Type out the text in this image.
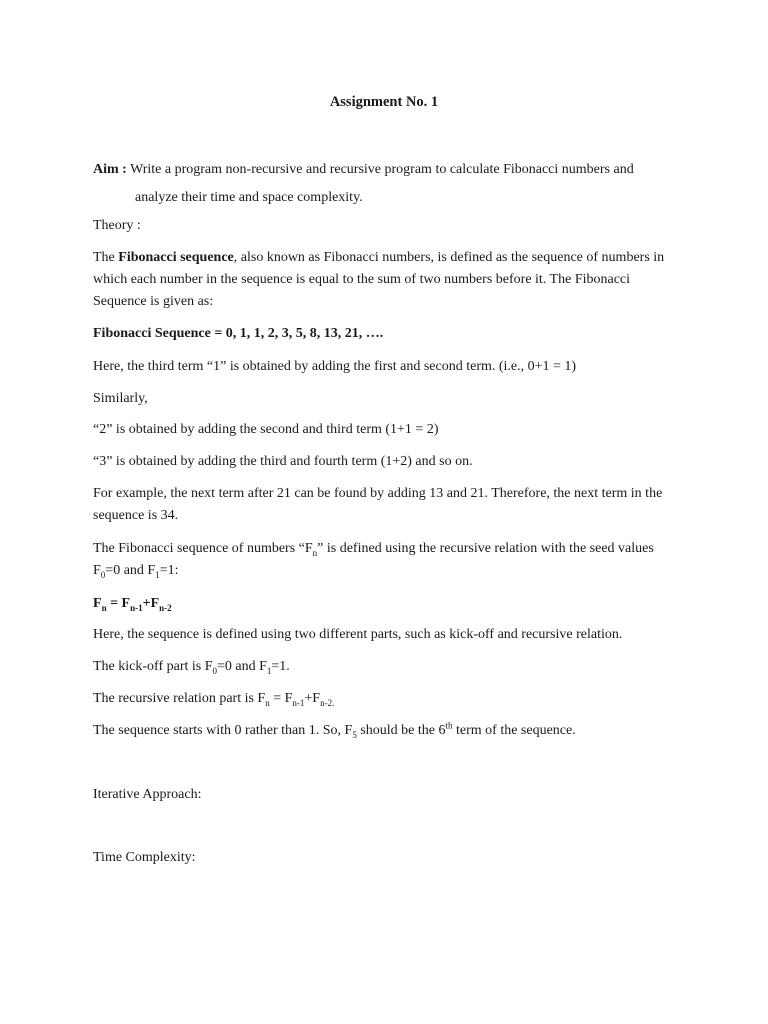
Assignment No. 1
Aim : Write a program non-recursive and recursive program to calculate Fibonacci numbers and
analyze their time and space complexity.

Theory :

The Fibonacci sequence, also known as Fibonacci numbers, is defined as the sequence of numbers in which each number in the sequence is equal to the sum of two numbers before it. The Fibonacci Sequence is given as:

Fibonacci Sequence = 0, 1, 1, 2, 3, 5, 8, 13, 21, ….

Here, the third term “1” is obtained by adding the first and second term. (i.e., 0+1 = 1)

Similarly,

“2” is obtained by adding the second and third term (1+1 = 2)

“3” is obtained by adding the third and fourth term (1+2) and so on.

For example, the next term after 21 can be found by adding 13 and 21. Therefore, the next term in the sequence is 34.

The Fibonacci sequence of numbers “$F_n$” is defined using the recursive relation with the seed values $F_0=0$ and $F_1=1$:

$F_n = F_{n-1}+F_{n-2}$

Here, the sequence is defined using two different parts, such as kick-off and recursive relation.

The kick-off part is $F_0=0$ and $F_1=1$.

The recursive relation part is $F_n = F_{n-1}+F_{n-2.}$

The sequence starts with 0 rather than 1. So, $F_5$ should be the 6th term of the sequence.

Iterative Approach:

Time Complexity:
